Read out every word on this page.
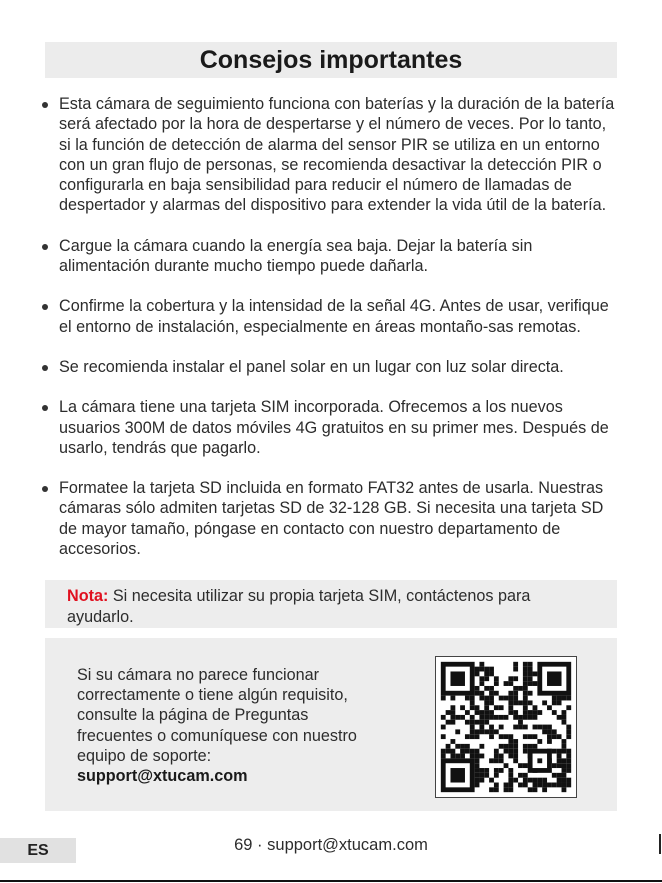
Consejos importantes
Esta cámara de seguimiento funciona con baterías y la duración de la batería será afectado por la hora de despertarse y el número de veces. Por lo tanto, si la función de detección de alarma del sensor PIR se utiliza en un entorno con un gran flujo de personas, se recomienda desactivar la detección PIR o configurarla en baja sensibilidad para reducir el número de llamadas de despertador y alarmas del dispositivo para extender la vida útil de la batería.
Cargue la cámara cuando la energía sea baja. Dejar la batería sin alimentación durante mucho tiempo puede dañarla.
Confirme la cobertura y la intensidad de la señal 4G. Antes de usar, verifique el entorno de instalación, especialmente en áreas montaño-sas remotas.
Se recomienda instalar el panel solar en un lugar con luz solar directa.
La cámara tiene una tarjeta SIM incorporada. Ofrecemos a los nuevos usuarios 300M de datos móviles 4G gratuitos en su primer mes. Después de usarlo, tendrás que pagarlo.
Formatee la tarjeta SD incluida en formato FAT32 antes de usarla. Nuestras cámaras sólo admiten tarjetas SD de 32-128 GB. Si necesita una tarjeta SD de mayor tamaño, póngase en contacto con nuestro departamento de accesorios.
Nota: Si necesita utilizar su propia tarjeta SIM, contáctenos para ayudarlo.
Si su cámara no parece funcionar correctamente o tiene algún requisito, consulte la página de Preguntas frecuentes o comuníquese con nuestro equipo de soporte:
support@xtucam.com
ES	69 · support@xtucam.com
